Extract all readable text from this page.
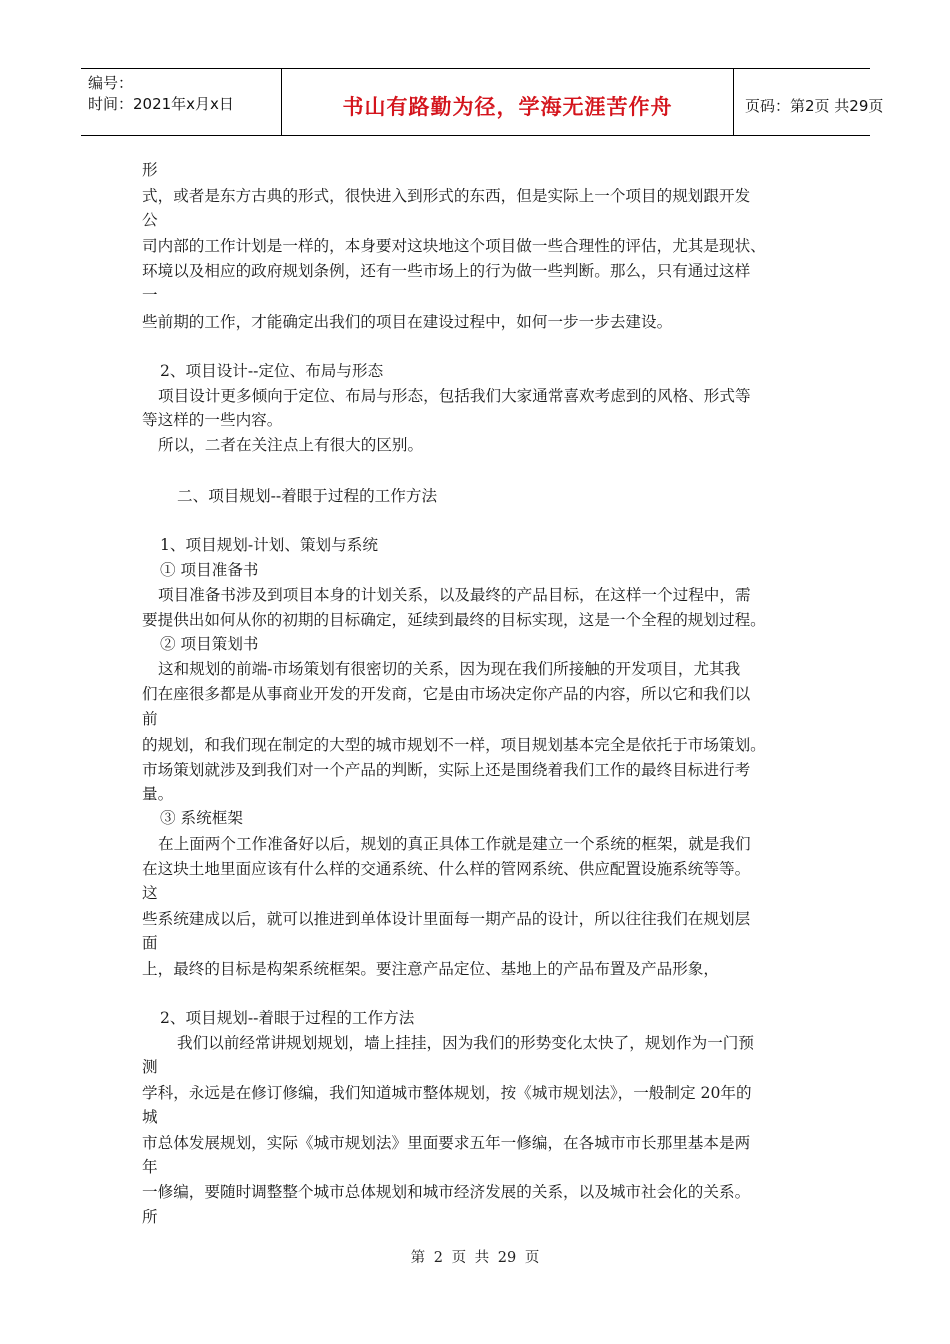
编号：
时间：2021年x月x日	书山有路勤为径，学海无涯苦作舟	页码：第2页 共29页
形
式，或者是东方古典的形式，很快进入到形式的东西，但是实际上一个项目的规划跟开发
公
司内部的工作计划是一样的，本身要对这块地这个项目做一些合理性的评估，尤其是现状、
环境以及相应的政府规划条例，还有一些市场上的行为做一些判断。那么，只有通过这样
一
些前期的工作，才能确定出我们的项目在建设过程中，如何一步一步去建设。
2、项目设计--定位、布局与形态
项目设计更多倾向于定位、布局与形态，包括我们大家通常喜欢考虑到的风格、形式等
等这样的一些内容。
所以，二者在关注点上有很大的区别。
二、项目规划--着眼于过程的工作方法
1、项目规划-计划、策划与系统
① 项目准备书
项目准备书涉及到项目本身的计划关系，以及最终的产品目标，在这样一个过程中，需
要提供出如何从你的初期的目标确定，延续到最终的目标实现，这是一个全程的规划过程。
② 项目策划书
这和规划的前端-市场策划有很密切的关系，因为现在我们所接触的开发项目，尤其我
们在座很多都是从事商业开发的开发商，它是由市场决定你产品的内容，所以它和我们以
前
的规划，和我们现在制定的大型的城市规划不一样，项目规划基本完全是依托于市场策划。
市场策划就涉及到我们对一个产品的判断，实际上还是围绕着我们工作的最终目标进行考
量。
③ 系统框架
在上面两个工作准备好以后，规划的真正具体工作就是建立一个系统的框架，就是我们
在这块土地里面应该有什么样的交通系统、什么样的管网系统、供应配置设施系统等等。
这
些系统建成以后，就可以推进到单体设计里面每一期产品的设计，所以往往我们在规划层
面
上，最终的目标是构架系统框架。要注意产品定位、基地上的产品布置及产品形象，
2、项目规划--着眼于过程的工作方法
我们以前经常讲规划规划，墙上挂挂，因为我们的形势变化太快了，规划作为一门预
测
学科，永远是在修订修编，我们知道城市整体规划，按《城市规划法》，一般制定 20年的
城
市总体发展规划，实际《城市规划法》里面要求五年一修编，在各城市市长那里基本是两
年
一修编，要随时调整整个城市总体规划和城市经济发展的关系，以及城市社会化的关系。
所
第 2 页 共 29 页
